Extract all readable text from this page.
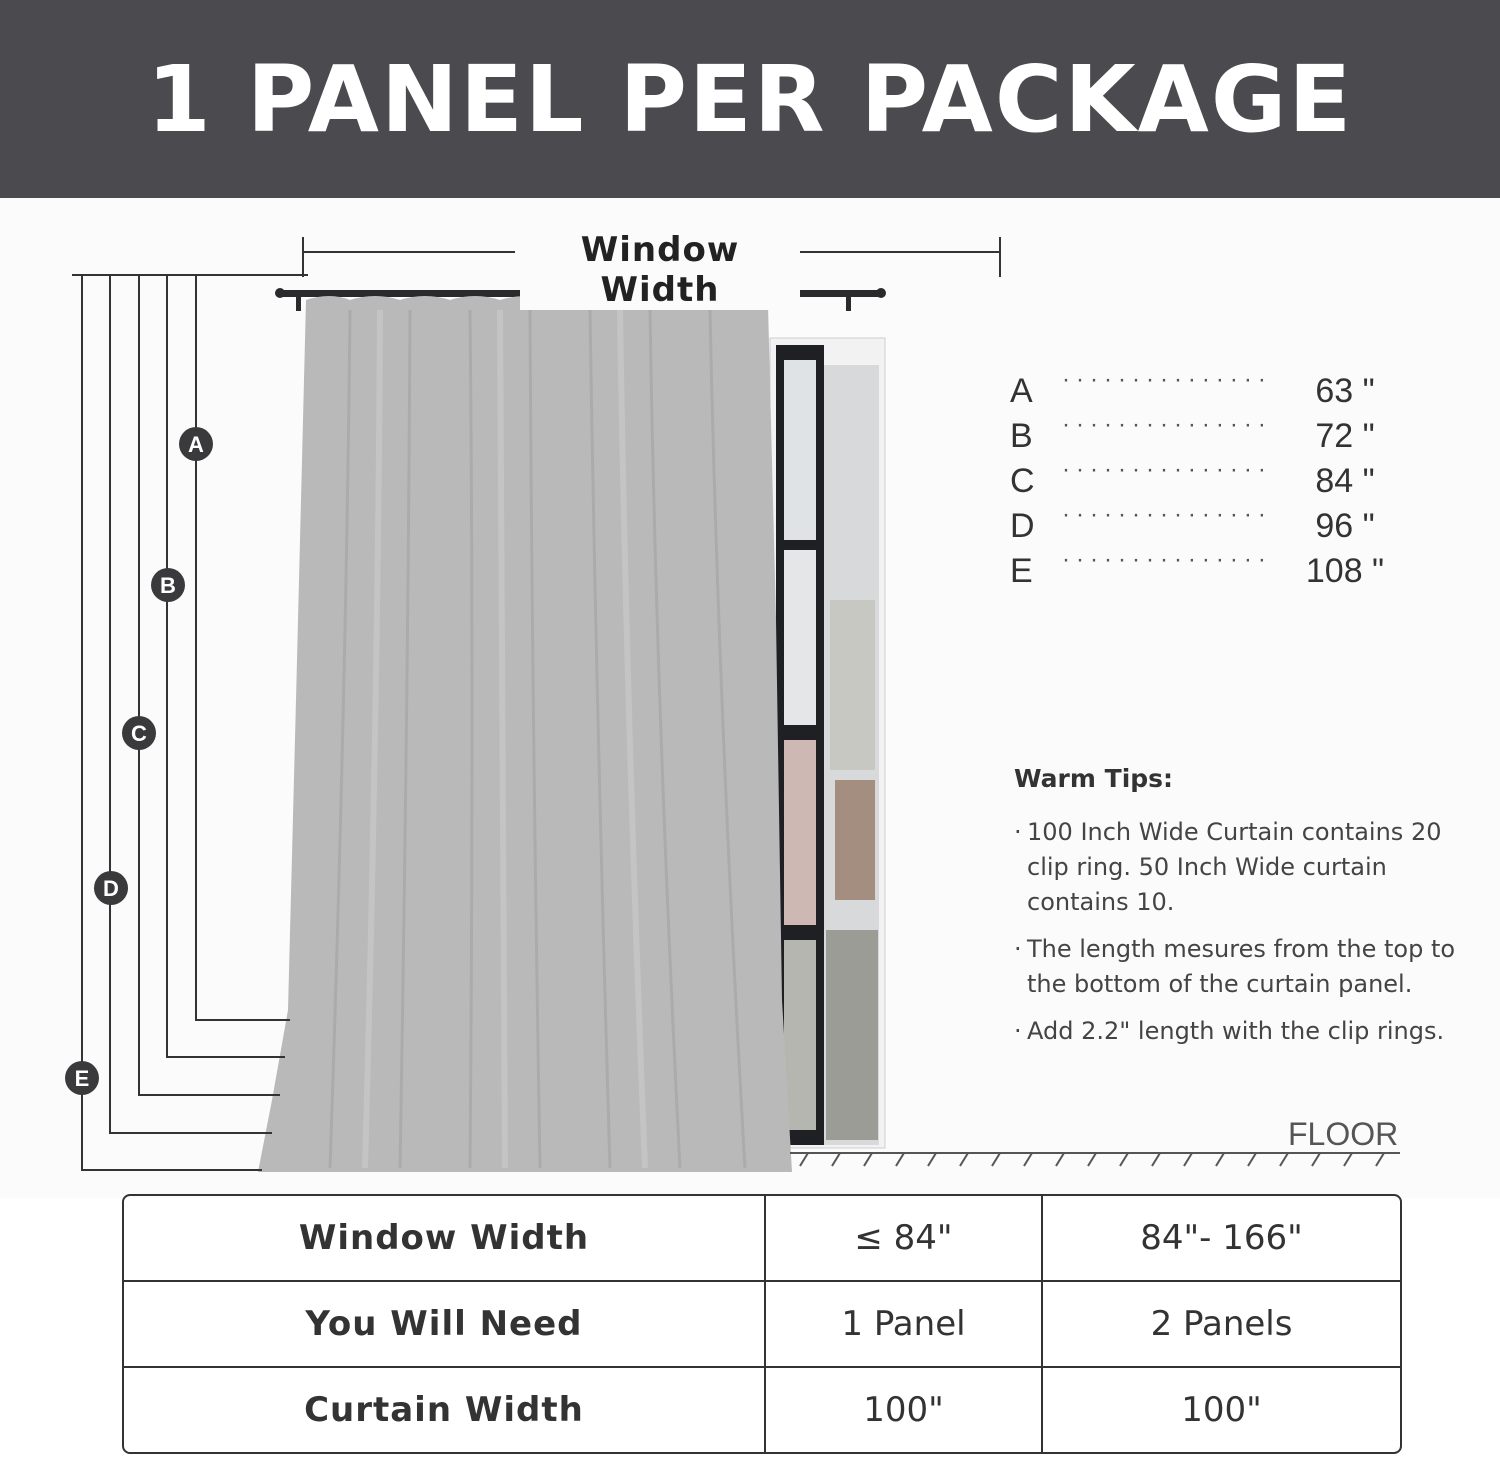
1 PANEL PER PACKAGE
A
B
C
D
E
Window Width
A ···············	63 "
B ···············	72 "
C ···············	84 "
D ···············	96 "
E ··············· 108 "
Warm Tips:
· 100 Inch Wide Curtain contains 20 clip ring. 50 Inch Wide curtain contains 10.
· The length mesures from the top to the bottom of the curtain panel.
· Add 2.2" length with the clip rings.
FLOOR
Window Width	≤ 84"	84"- 166"
You Will Need	1 Panel	2 Panels
Curtain Width	100"	100"
